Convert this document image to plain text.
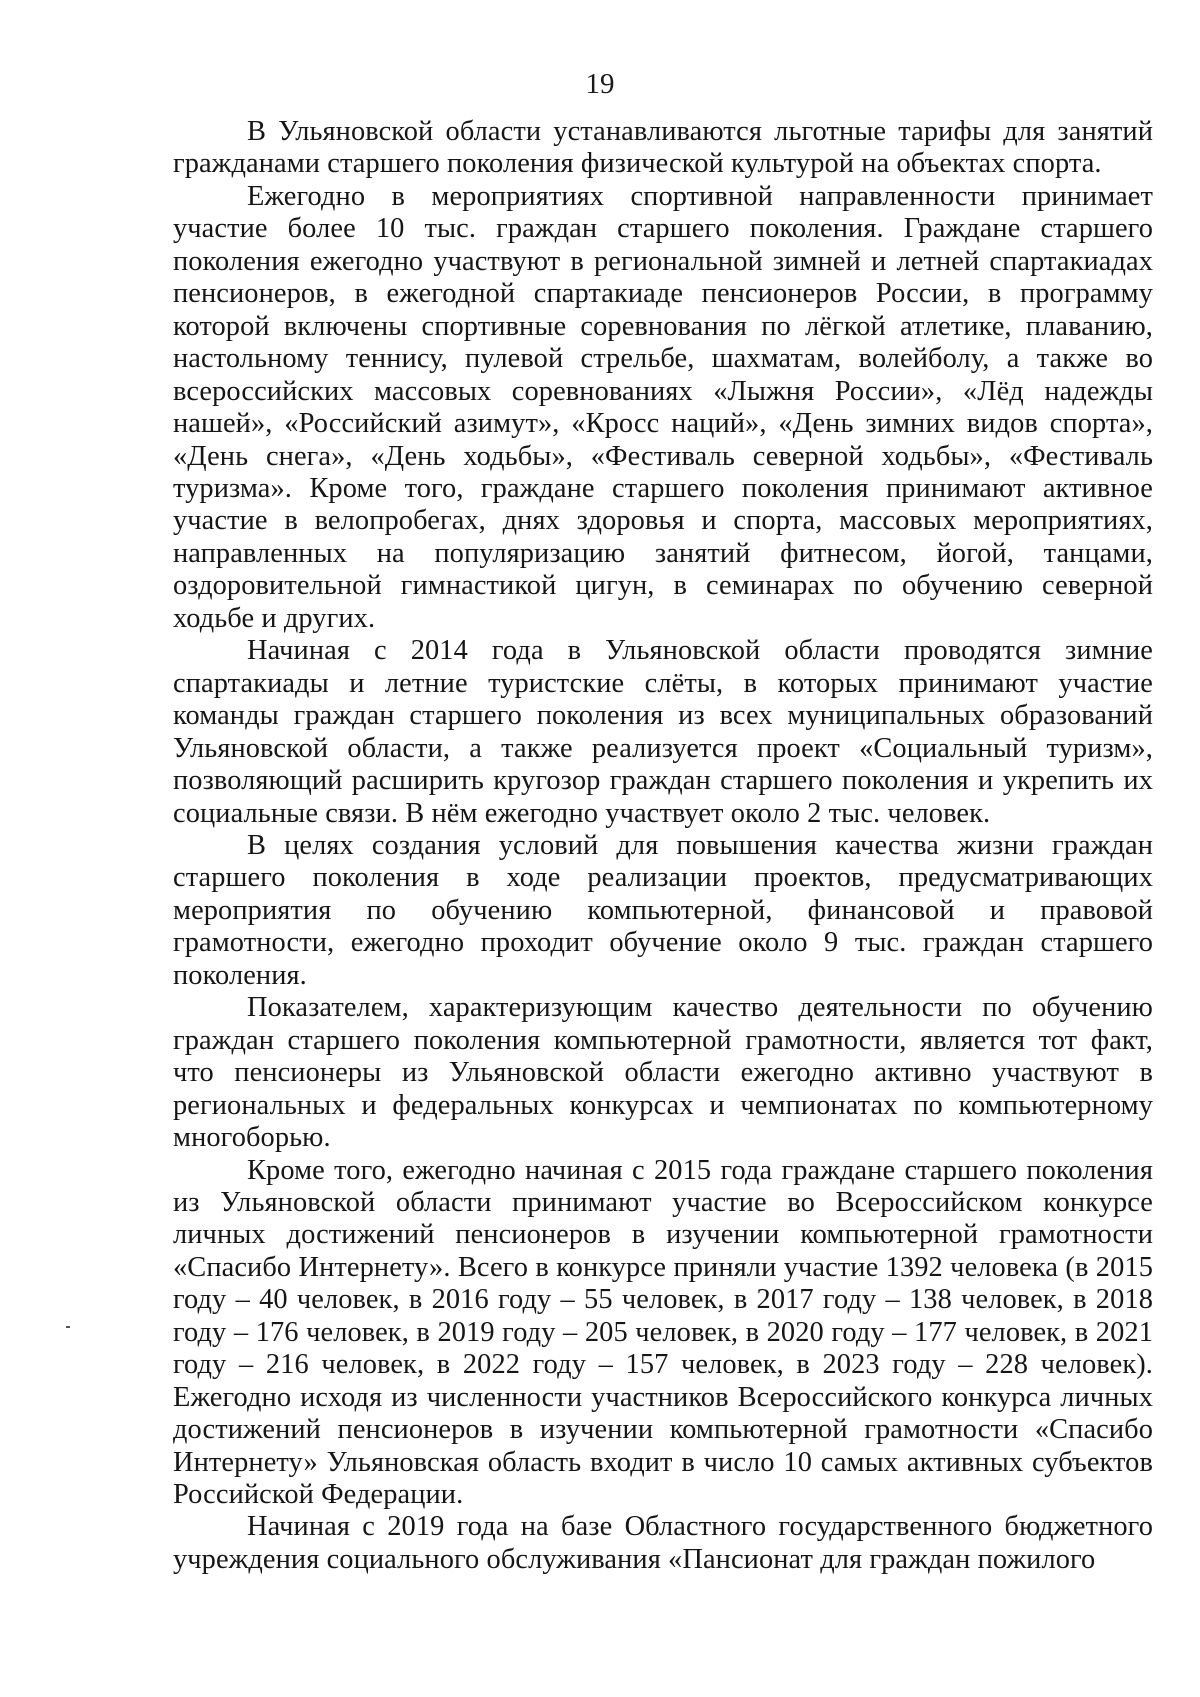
19

В Ульяновской области устанавливаются льготные тарифы для занятий гражданами старшего поколения физической культурой на объектах спорта.

Ежегодно в мероприятиях спортивной направленности принимает участие более 10 тыс. граждан старшего поколения. Граждане старшего поколения ежегодно участвуют в региональной зимней и летней спартакиадах пенсионеров, в ежегодной спартакиаде пенсионеров России, в программу которой включены спортивные соревнования по лёгкой атлетике, плаванию, настольному теннису, пулевой стрельбе, шахматам, волейболу, а также во всероссийских массовых соревнованиях «Лыжня России», «Лёд надежды нашей», «Российский азимут», «Кросс наций», «День зимних видов спорта», «День снега», «День ходьбы», «Фестиваль северной ходьбы», «Фестиваль туризма». Кроме того, граждане старшего поколения принимают активное участие в велопробегах, днях здоровья и спорта, массовых мероприятиях, направленных на популяризацию занятий фитнесом, йогой, танцами, оздоровительной гимнастикой цигун, в семинарах по обучению северной ходьбе и других.

Начиная с 2014 года в Ульяновской области проводятся зимние спартакиады и летние туристские слёты, в которых принимают участие команды граждан старшего поколения из всех муниципальных образований Ульяновской области, а также реализуется проект «Социальный туризм», позволяющий расширить кругозор граждан старшего поколения и укрепить их социальные связи. В нём ежегодно участвует около 2 тыс. человек.

В целях создания условий для повышения качества жизни граждан старшего поколения в ходе реализации проектов, предусматривающих мероприятия по обучению компьютерной, финансовой и правовой грамотности, ежегодно проходит обучение около 9 тыс. граждан старшего поколения.

Показателем, характеризующим качество деятельности по обучению граждан старшего поколения компьютерной грамотности, является тот факт, что пенсионеры из Ульяновской области ежегодно активно участвуют в региональных и федеральных конкурсах и чемпионатах по компьютерному многоборью.

Кроме того, ежегодно начиная с 2015 года граждане старшего поколения из Ульяновской области принимают участие во Всероссийском конкурсе личных достижений пенсионеров в изучении компьютерной грамотности «Спасибо Интернету». Всего в конкурсе приняли участие 1392 человека (в 2015 году – 40 человек, в 2016 году – 55 человек, в 2017 году – 138 человек, в 2018 году – 176 человек, в 2019 году – 205 человек, в 2020 году – 177 человек, в 2021 году – 216 человек, в 2022 году – 157 человек, в 2023 году – 228 человек). Ежегодно исходя из численности участников Всероссийского конкурса личных достижений пенсионеров в изучении компьютерной грамотности «Спасибо Интернету» Ульяновская область входит в число 10 самых активных субъектов Российской Федерации.

Начиная с 2019 года на базе Областного государственного бюджетного учреждения социального обслуживания «Пансионат для граждан пожилого
